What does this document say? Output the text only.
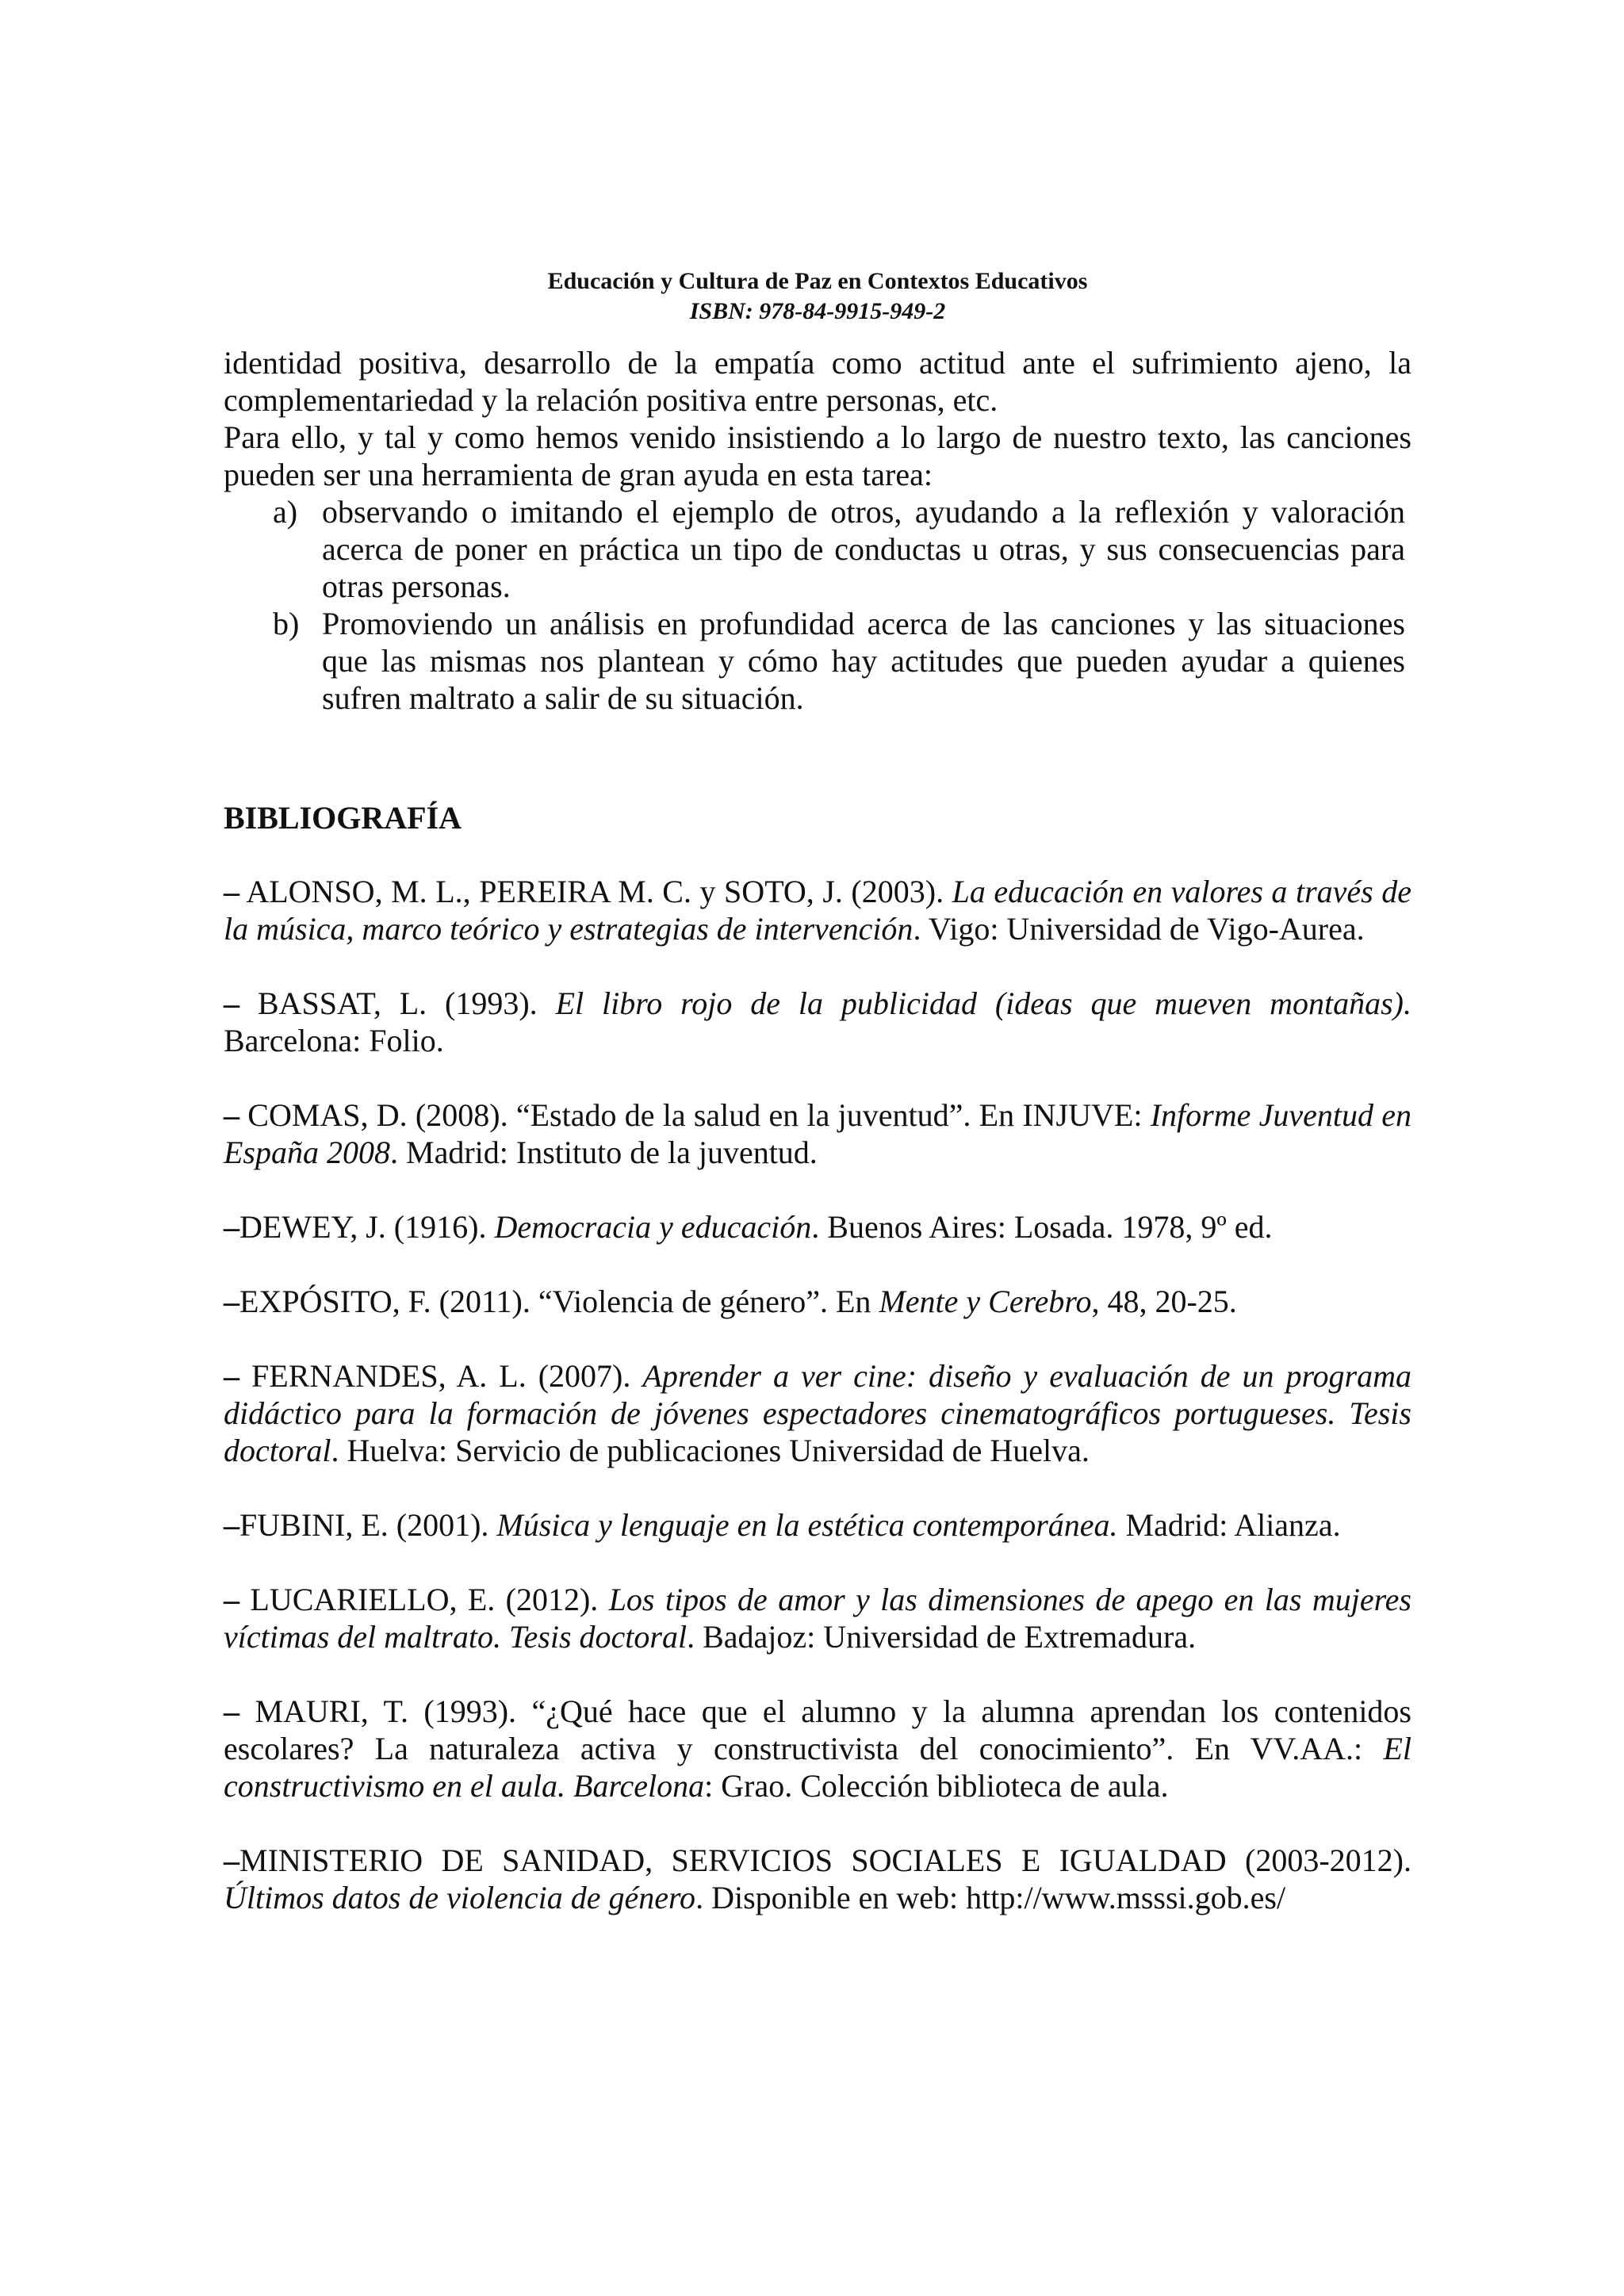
Educación y Cultura de Paz en Contextos Educativos
ISBN: 978-84-9915-949-2

identidad positiva, desarrollo de la empatía como actitud ante el sufrimiento ajeno, la complementariedad y la relación positiva entre personas, etc.

Para ello, y tal y como hemos venido insistiendo a lo largo de nuestro texto, las canciones pueden ser una herramienta de gran ayuda en esta tarea:

a) observando o imitando el ejemplo de otros, ayudando a la reflexión y valoración acerca de poner en práctica un tipo de conductas u otras, y sus consecuencias para otras personas.
b) Promoviendo un análisis en profundidad acerca de las canciones y las situaciones que las mismas nos plantean y cómo hay actitudes que pueden ayudar a quienes sufren maltrato a salir de su situación.
BIBLIOGRAFÍA

– ALONSO, M. L., PEREIRA M. C. y SOTO, J. (2003). La educación en valores a través de la música, marco teórico y estrategias de intervención. Vigo: Universidad de Vigo-Aurea.

– BASSAT, L. (1993). El libro rojo de la publicidad (ideas que mueven montañas). Barcelona: Folio.

– COMAS, D. (2008). “Estado de la salud en la juventud”. En INJUVE: Informe Juventud en España 2008. Madrid: Instituto de la juventud.

–DEWEY, J. (1916). Democracia y educación. Buenos Aires: Losada. 1978, 9º ed.

–EXPÓSITO, F. (2011). “Violencia de género”. En Mente y Cerebro, 48, 20-25.

– FERNANDES, A. L. (2007). Aprender a ver cine: diseño y evaluación de un programa didáctico para la formación de jóvenes espectadores cinematográficos portugueses. Tesis doctoral. Huelva: Servicio de publicaciones Universidad de Huelva.

–FUBINI, E. (2001). Música y lenguaje en la estética contemporánea. Madrid: Alianza.

– LUCARIELLO, E. (2012). Los tipos de amor y las dimensiones de apego en las mujeres víctimas del maltrato. Tesis doctoral. Badajoz: Universidad de Extremadura.

– MAURI, T. (1993). “¿Qué hace que el alumno y la alumna aprendan los contenidos escolares? La naturaleza activa y constructivista del conocimiento”. En VV.AA.: El constructivismo en el aula. Barcelona: Grao. Colección biblioteca de aula.

–MINISTERIO DE SANIDAD, SERVICIOS SOCIALES E IGUALDAD (2003-2012). Últimos datos de violencia de género. Disponible en web: http://www.msssi.gob.es/
